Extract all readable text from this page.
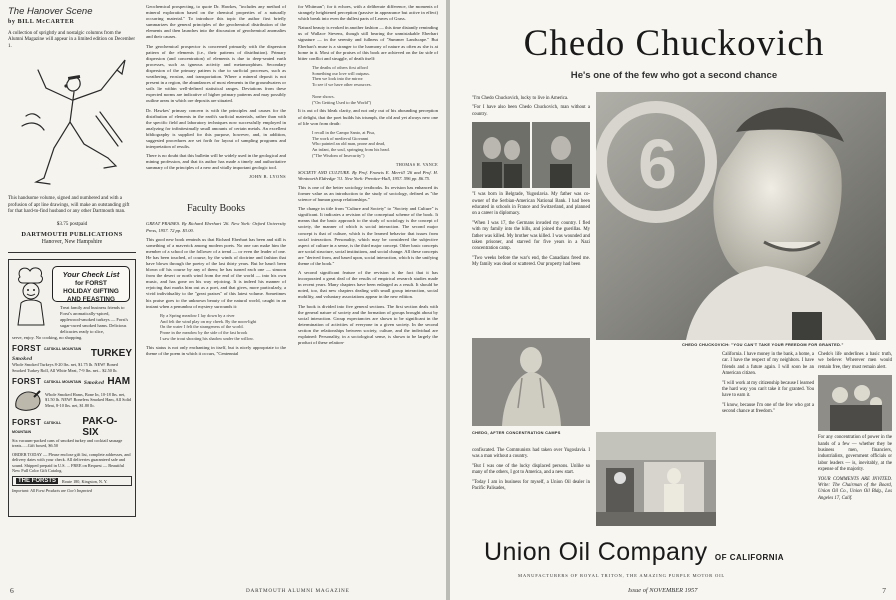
The Hanover Scene
by BILL McCARTER
A collection of sprightly and nostalgic columns from the Alumni Magazine will appear in a limited edition on December 1.
This handsome volume, signed and numbered and with a profusion of apt line drawings, will make an outstanding gift for that hard-to-find husband or any other Dartmouth man.
$3.75 postpaid
DARTMOUTH PUBLICATIONS
Hanover, New Hampshire
Your Check List
for FORST
HOLIDAY GIFTING
AND FEASTING
Treat family and business friends to Forst's aromatically-spiced, applewood-smoked turkeys — Forst's sugar-cured smoked hams. Delicious delicacies ready to slice,
serve, enjoy. No cooking, no shopping.
FORST CATSKILL MOUNTAIN Smoked
TURKEY
Whole Smoked Turkeys 8-20 lbs. net, $1.75 lb. NEW! Boned Smoked Turkey Roll, All White Meat, 7-9 lbs. net... $2.50 lb.
FORST CATSKILL MOUNTAIN Smoked HAM
Whole Smoked Hams, Bone In, 10-18 lbs. net, $1.50 lb. NEW! Boneless Smoked Ham, All Solid Meat, 8-10 lbs. net, $1.80 lb.
FORST CATSKILL MOUNTAIN
PAK-O-SIX
Six vacuum-packed cans of smoked turkey and cocktail sausage treats......Gift boxed, $6.50
ORDER TODAY — Please enclose gift list, complete addresses, and delivery dates with your check. All deliveries guaranteed safe and sound. Shipped prepaid in U.S. ... FREE on Request — Beautiful New Full Color Gift Catalog.
THE FORSTS	Route 180, Kingston, N. Y.
Important: All Forst Products are Gov't Inspected

Geochemical prospecting, to quote Dr. Hawkes, "includes any method of mineral exploration based on the chemical properties of a naturally occurring material." To introduce this topic the author first briefly summarizes the general principles of the geochemical distribution of the elements and then launches into the discussion of geochemical anomalies and their causes.

The geochemical prospector is concerned primarily with the dispersion pattern of the elements (i.e., their patterns of distribution). Primary dispersion (and concentration) of elements is due to deep-seated earth processes, such as igneous activity and metamorphism. Secondary dispersion of the primary pattern is due to surficial processes, such as weathering, erosion, and transportation. Where a mineral deposit is not present in a region, the abundances of most elements in the groundwaters or soils lie within well-defined statistical ranges. Deviations from these expected norms are indicative of higher primary patterns and may possibly outline areas in which ore deposits are situated.

Dr. Hawkes' primary concern is with the principles and causes for the distribution of elements in the earth's surficial materials, rather than with the specific field and laboratory techniques now successfully employed in analyzing for infinitesimally small amounts of certain metals. An excellent bibliography is supplied for this purpose, however, and, in addition, suggested procedures are set forth for layout of sampling programs and interpretation of results.

There is no doubt that this bulletin will be widely used in the geological and mining profession, and that its author has made a timely and authoritative summary of the principles of a new and vitally important geologic tool.

JOHN B. LYONS
Faculty Books

GREAT PRAISES. By Richard Eberhart '26. New York: Oxford University Press, 1957. 72 pp. $3.00.

This good new book reminds us that Richard Eberhart has been and still is something of a maverick among modern poets. No one can make him the member of a school or the follower of a trend — or even the leader of one. He has been touched, of course, by the winds of doctrine and fashion that have blown through the poetry of the last thirty years. But he hasn't been blown off his course by any of them; he has turned each one — simoon from the desert or north wind from the end of the world — into his own music, and has gone on his way rejoicing. It is indeed his manner of rejoicing that marks him out as a poet, and that gives, more particularly, a vivid individuality to the "great praises" of this latest volume. Sometimes his praise goes to the unknown beauty of the natural world, caught in an instant when a penumbra of mystery surrounds it:

By a Spring meadow I lay down by a river
And felt the wind play on my cheek. By the noon-light
On the water I felt the strangeness of the world.
Prone in the meadow by the side of the fast brook
I saw the trout shooting his shadow under the willow.

This status is not only enchanting in itself, but is nicely appropriate to the theme of the poem in which it occurs, "Centennial

for Whitman"; for it echoes, with a deliberate difference, the moments of strangely heightened perception (passive in appearance but active in effect) which break into even the dullest parts of Leaves of Grass.

Natural beauty is evoked in another fashion — this time distantly reminding us of Wallace Stevens, though still bearing the unmistakable Eberhart signature — in the serenity and fullness of "Summer Landscape." But Eberhart's muse is a stranger to the harmony of nature as often as she is at home in it. Most of the praises of this book are achieved on the far side of bitter conflict and struggle, of death itself:

The deaths of others first afford
Something our love will outpass.
Then we look into the mirror
To see if we have other resources.

None shows.
("On Getting Used to the World")

It is out of this bleak clarity, and not only out of his abounding perception of delight, that the poet builds his triumph, the old and yet always new one of life won from death:

I recall in the Campo Santo, at Pisa,
The work of medieval Giovanni
Who painted an old man, prone and dead,
An infant, the soul, springing from his head.
("The Wisdom of Insecurity")
THOMAS H. VANCE

SOCIETY AND CULTURE. By Prof. Francis E. Merrill '26 and Prof. H. Wentworth Eldredge '31. New York: Prentice-Hall, 1957. 596 pp. $6.75.

This is one of the better sociology textbooks. Its revision has enhanced its former value as an introduction to the study of sociology, defined as "the science of human group relationships."

The change in title from "Culture and Society" to "Society and Culture" is significant. It indicates a revision of the conceptual scheme of the book. It means that the basic approach to the study of sociology is the concept of society, the manner of which is social interaction. The second major concept is that of culture, which is the learned behavior that issues from social interaction. Personality, which may be considered the subjective aspect of culture in a sense, is the third major concept. Other basic concepts are social structure, social institutions, and social change. All these concepts are "derived from, and based upon, social interaction, which is the unifying theme of the book."

A second significant feature of the revision is the fact that it has incorporated a great deal of the results of empirical research studies made in recent years. Many chapters have been enlarged as a result. It should be noted, too, that new chapters dealing with small group interaction, social mobility, and voluntary associations appear in the new edition.

The book is divided into five general sections. The first section deals with the general nature of society and the formation of groups brought about by social interaction. Group expectancies are shown to be significant in the determination of activities of everyone in a given society. In the second section the relationships between society, culture, and the individual are explained: Personality, in a sociological sense, is shown to be largely the product of these relation-

6	DARTMOUTH ALUMNI MAGAZINE
Chedo Chuckovich
He's one of the few who got a second chance

"I'm Chedo Chuckovich, lucky to live in America.

"For I have also been Chedo Chuckovich, man without a country.

"I was born in Belgrade, Yugoslavia. My father was co-owner of the Serbian-American National Bank. I had been educated in schools in France and Switzerland, and planned on a career in diplomacy.

"When I was 17, the Germans invaded my country. I fled with my family into the hills, and joined the guerillas. My father was killed. My brother was killed. I was wounded and taken prisoner, and starved for five years in a Nazi concentration camp.

"Two weeks before the war's end, the Canadians freed me. My family was dead or scattered. Our property had been

6
CHEDO CHUCKOVICH: "YOU CAN'T TAKE YOUR FREEDOM FOR GRANTED."
CHEDO, AFTER CONCENTRATION CAMPS

confiscated. The Communists had taken over Yugoslavia. I was a man without a country.

"But I was one of the lucky displaced persons. Unlike so many of the others, I got to America, and a new start.

"Today I am in business for myself, a Union Oil dealer in Pacific Palisades,

California. I have money in the bank, a home, a car. I have the respect of my neighbors. I have friends and a future again. I will soon be an American citizen.

"I will work at my citizenship because I learned the hard way you can't take it for granted. You have to earn it.

"I know, because I'm one of the few who got a second chance at freedom."

Chedo's life underlines a basic truth, we believe: Wherever men would remain free, they must remain alert.

For any concentration of power in the hands of a few — whether they be business men, financiers, industrialists, government officials or labor leaders — is, inevitably, at the expense of the majority.

YOUR COMMENTS ARE INVITED. Write: The Chairman of the Board, Union Oil Co., Union Oil Bldg., Los Angeles 17, Calif.

Union Oil Company OF CALIFORNIA
MANUFACTURERS OF ROYAL TRITON, THE AMAZING PURPLE MOTOR OIL
Issue of NOVEMBER 1957	7
